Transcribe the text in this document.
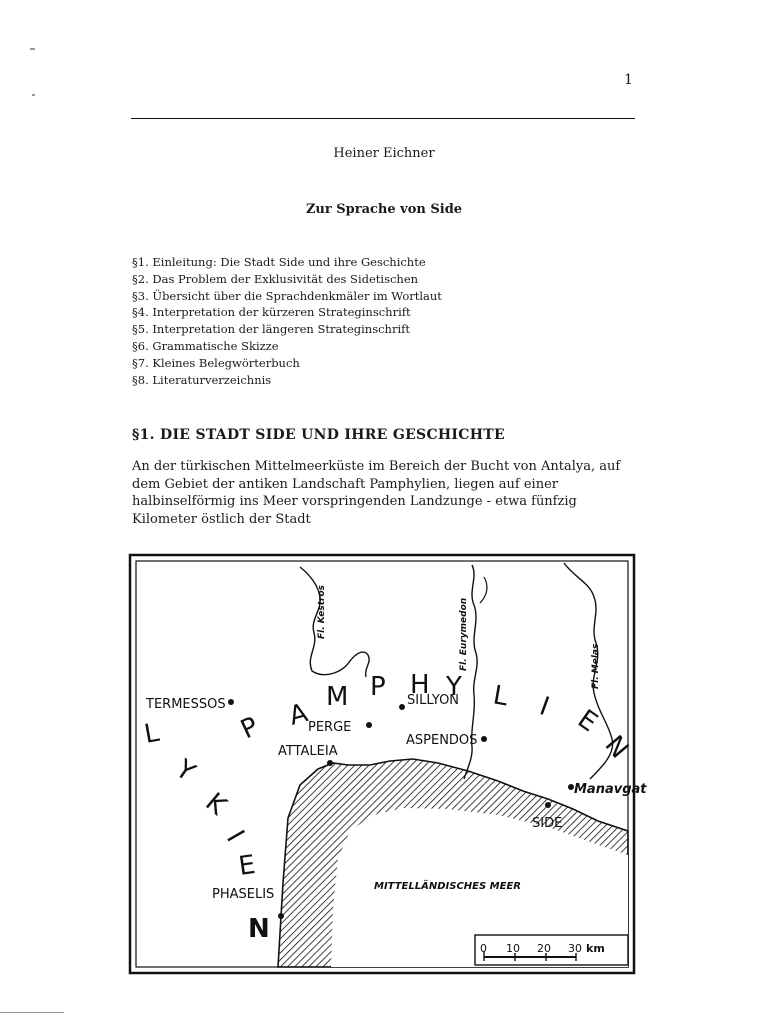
1
Heiner Eichner
Zur Sprache von Side
§1. Einleitung: Die Stadt Side und ihre Geschichte
§2. Das Problem der Exklusivität des Sidetischen
§3. Übersicht über die Sprachdenkmäler im Wortlaut
§4. Interpretation der kürzeren Strateginschrift
§5. Interpretation der längeren Strateginschrift
§6. Grammatische Skizze
§7. Kleines Belegwörterbuch
§8. Literaturverzeichnis
§1. DIE STADT SIDE UND IHRE GESCHICHTE

An der türkischen Mittelmeerküste im Bereich der Bucht von Antalya, auf dem Gebiet der antiken Landschaft Pamphylien, liegen auf einer halbinselförmig ins Meer vorspringenden Landzunge - etwa fünfzig Kilometer östlich der Stadt

TERMESSOS
PERGE
ATTALEIA
SILLYON
ASPENDOS
Manavgat
SIDE
PHASELIS
Fl. Kestros	Fl. Eurymedon	Fl. Melas
MITTELLÄNDISCHES MEER
P A
M P H Y L I E
N
L
Y
K
I
E
N
0 10 20 30 km
